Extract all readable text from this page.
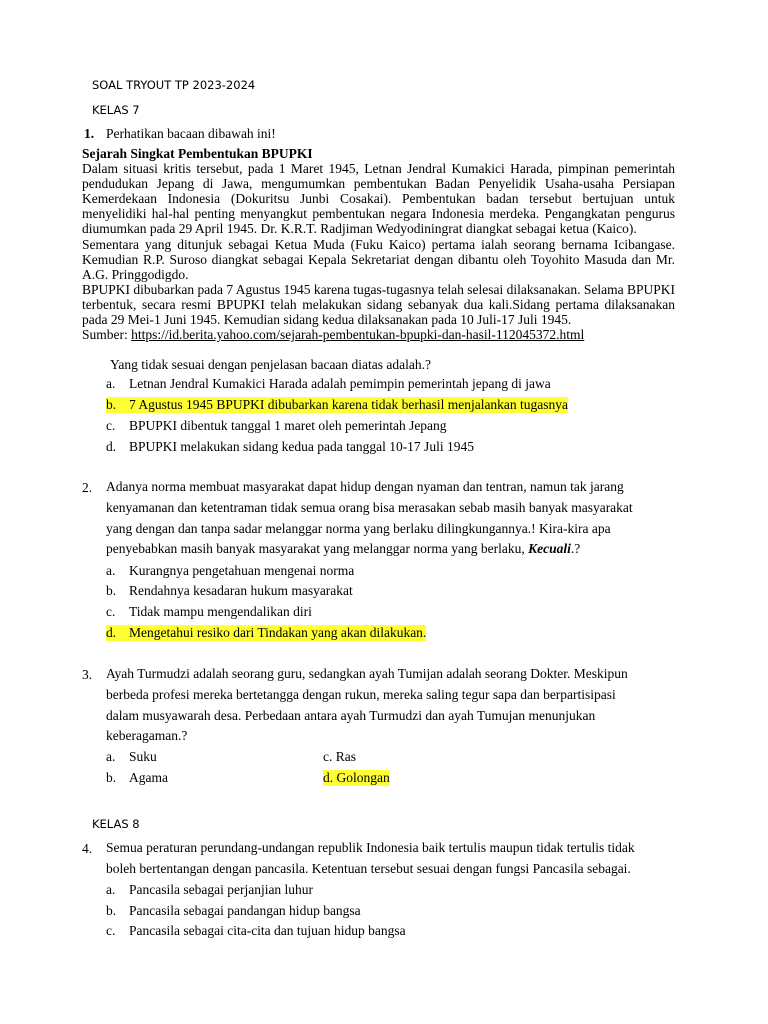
SOAL TRYOUT TP 2023-2024
KELAS 7
1. Perhatikan bacaan dibawah ini!

Sejarah Singkat Pembentukan BPUPKI

Dalam situasi kritis tersebut, pada 1 Maret 1945, Letnan Jendral Kumakici Harada, pimpinan pemerintah pendudukan Jepang di Jawa, mengumumkan pembentukan Badan Penyelidik Usaha-usaha Persiapan Kemerdekaan Indonesia (Dokuritsu Junbi Cosakai). Pembentukan badan tersebut bertujuan untuk menyelidiki hal-hal penting menyangkut pembentukan negara Indonesia merdeka. Pengangkatan pengurus diumumkan pada 29 April 1945. Dr. K.R.T. Radjiman Wedyodiningrat diangkat sebagai ketua (Kaico).

Sementara yang ditunjuk sebagai Ketua Muda (Fuku Kaico) pertama ialah seorang bernama Icibangase. Kemudian R.P. Suroso diangkat sebagai Kepala Sekretariat dengan dibantu oleh Toyohito Masuda dan Mr. A.G. Pringgodigdo.

BPUPKI dibubarkan pada 7 Agustus 1945 karena tugas-tugasnya telah selesai dilaksanakan. Selama BPUPKI terbentuk, secara resmi BPUPKI telah melakukan sidang sebanyak dua kali.Sidang pertama dilaksanakan pada 29 Mei-1 Juni 1945. Kemudian sidang kedua dilaksanakan pada 10 Juli-17 Juli 1945.

Sumber: https://id.berita.yahoo.com/sejarah-pembentukan-bpupki-dan-hasil-112045372.html

Yang tidak sesuai dengan penjelasan bacaan diatas adalah.?
a. Letnan Jendral Kumakici Harada adalah pemimpin pemerintah jepang di jawa
b. 7 Agustus 1945 BPUPKI dibubarkan karena tidak berhasil menjalankan tugasnya
c. BPUPKI dibentuk tanggal 1 maret oleh pemerintah Jepang
d. BPUPKI melakukan sidang kedua pada tanggal 10-17 Juli 1945
2. Adanya norma membuat masyarakat dapat hidup dengan nyaman dan tentran, namun tak jarang

kenyamanan dan ketentraman tidak semua orang bisa merasakan sebab masih banyak masyarakat

yang dengan dan tanpa sadar melanggar norma yang berlaku dilingkungannya.! Kira-kira apa

penyebabkan masih banyak masyarakat yang melanggar norma yang berlaku, Kecuali.?

a. Kurangnya pengetahuan mengenai norma
b. Rendahnya kesadaran hukum masyarakat
c. Tidak mampu mengendalikan diri
d. Mengetahui resiko dari Tindakan yang akan dilakukan.
3. Ayah Turmudzi adalah seorang guru, sedangkan ayah Tumijan adalah seorang Dokter. Meskipun

berbeda profesi mereka bertetangga dengan rukun, mereka saling tegur sapa dan berpartisipasi

dalam musyawarah desa. Perbedaan antara ayah Turmudzi dan ayah Tumujan menunjukan

keberagaman.?

a. Suku
b. Agama
c. Ras
d. Golongan
KELAS 8
4. Semua peraturan perundang-undangan republik Indonesia baik tertulis maupun tidak tertulis tidak

boleh bertentangan dengan pancasila. Ketentuan tersebut sesuai dengan fungsi Pancasila sebagai.

a. Pancasila sebagai perjanjian luhur
b. Pancasila sebagai pandangan hidup bangsa
c. Pancasila sebagai cita-cita dan tujuan hidup bangsa
